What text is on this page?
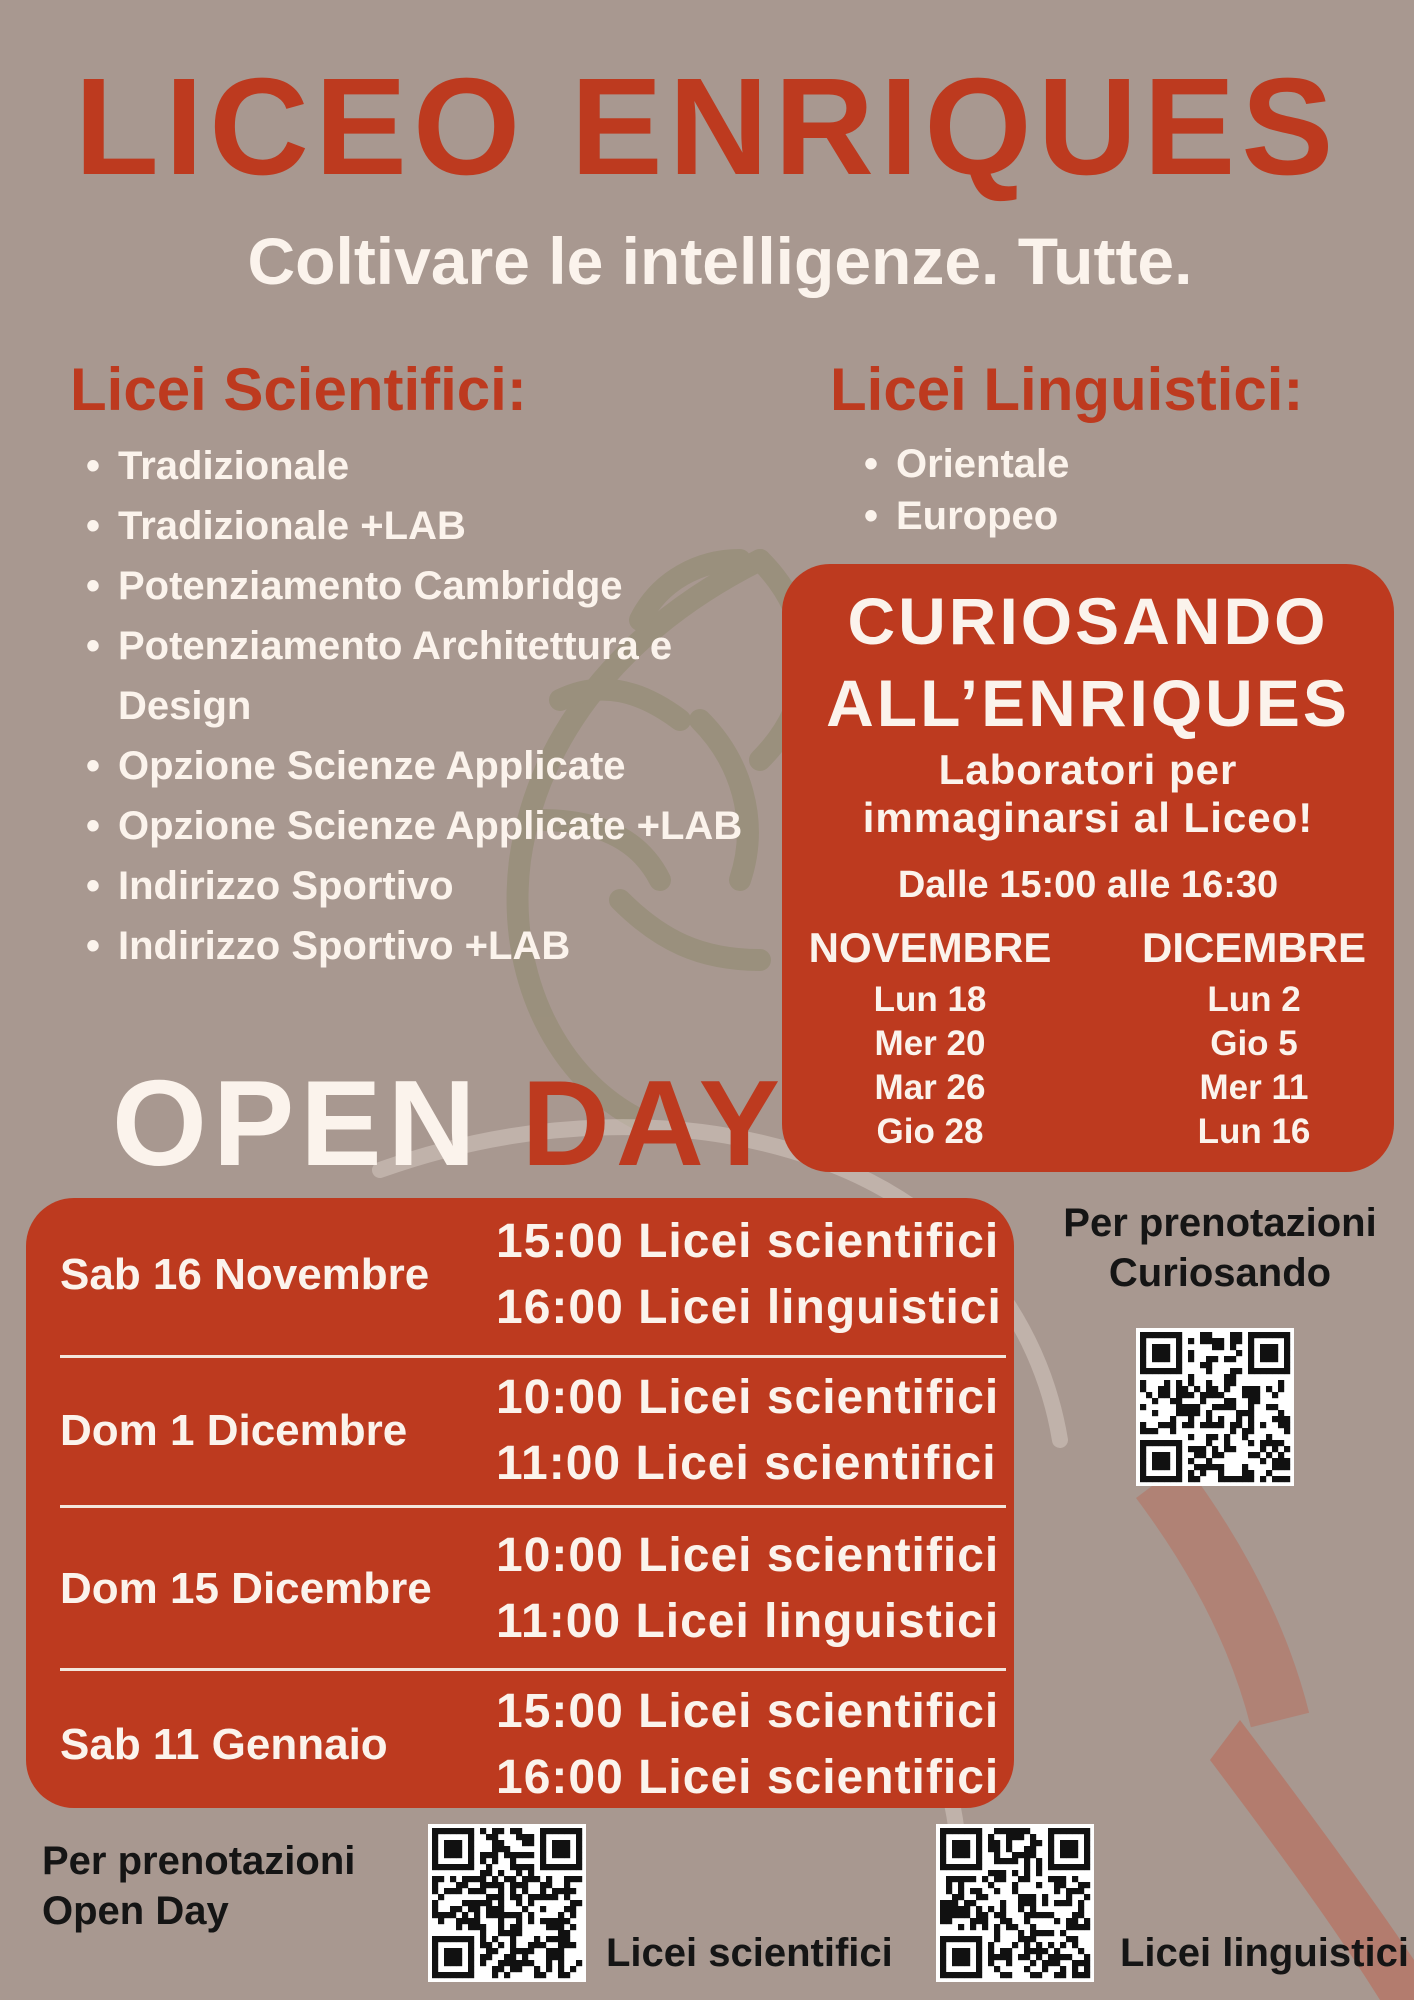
LICEO ENRIQUES
Coltivare le intelligenze. Tutte.
Licei Scientifici:
• Tradizionale
• Tradizionale +LAB
• Potenziamento Cambridge
• Potenziamento Architettura e
Design
• Opzione Scienze Applicate
• Opzione Scienze Applicate +LAB
• Indirizzo Sportivo
• Indirizzo Sportivo +LAB
Licei Linguistici:
• Orientale
• Europeo
CURIOSANDO
ALL’ENRIQUES
Laboratori per
immaginarsi al Liceo!
Dalle 15:00 alle 16:30
NOVEMBRE
Lun 18
Mer 20
Mar 26
Gio 28
DICEMBRE
Lun 2
Gio 5
Mer 11
Lun 16
OPEN DAY
Sab 16 Novembre
15:00 Licei scientifici
16:00 Licei linguistici
Dom 1 Dicembre
10:00 Licei scientifici
11:00 Licei scientifici
Dom 15 Dicembre
10:00 Licei scientifici
11:00 Licei linguistici
Sab 11 Gennaio
15:00 Licei scientifici
16:00 Licei scientifici
Per prenotazioni
Curiosando
Per prenotazioni
Open Day
Licei scientifici	Licei linguistici
